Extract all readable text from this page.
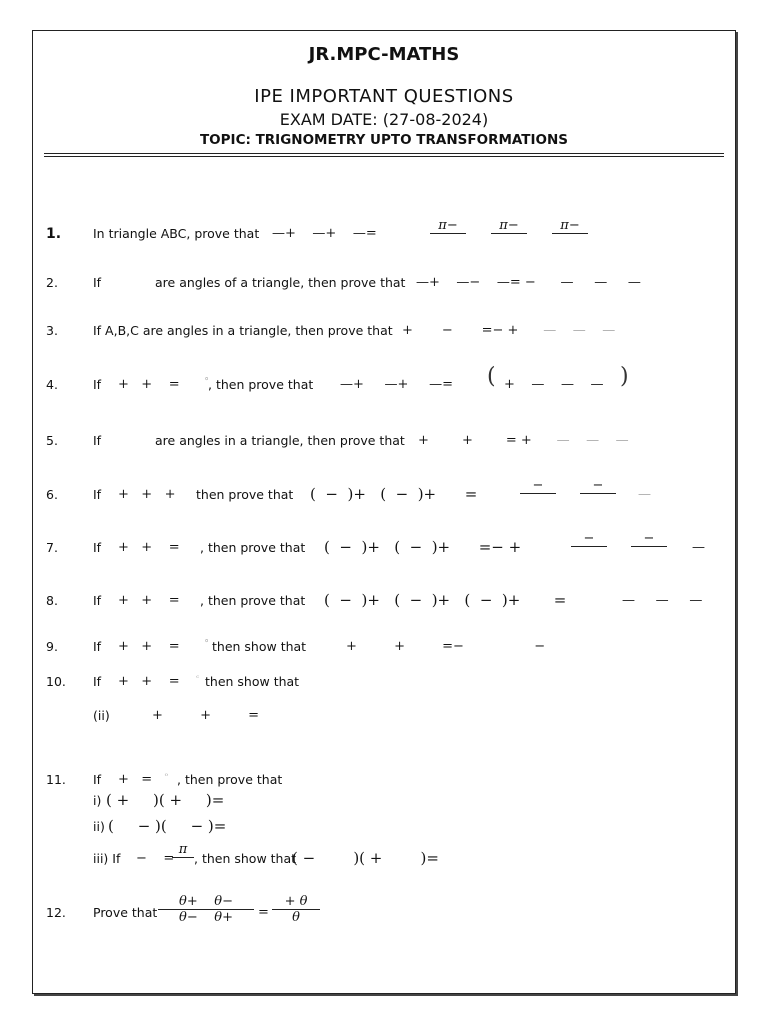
JR.MPC-MATHS
IPE IMPORTANT QUESTIONS
EXAM DATE: (27-08-2024)
TOPIC: TRIGNOMETRY UPTO TRANSFORMATIONS
1.	In triangle ABC, prove that —+    —+    —=
π−	π−	π−
2.	If	are angles of a triangle, then prove that —+    —−    —= −      —     —     —
3.	If A,B,C are angles in a triangle, then prove that +       −       =− +      —    —    —
4.	If	, then prove that
+   +    =      °	—+     —+     —= ( +    —    —    — )
5.	If	are angles in a triangle, then prove that +        +        = +      —    —    —
6.	If	then prove that
+   +   +	(  −  )+   (  −  )+      =	−	−
—
7.	If	, then prove that
+   +    =	(  −  )+   (  −  )+      =− +	−	−
—
8.	If	, then prove that
+   +    =	(  −  )+   (  −  )+   (  −  )+       =	—     —     —
9.	If	then show that
+   +    =      °	+         +         =−                 −
10. If	then show that
+   +    =    $^ᶜ$
(ii)	+         +         =
11. If	, then prove that
+   =   $^ᵒ$
i) ( +     )( +     )=
ii) (     − )(     − )=
iii) If	, then show that
−    =
π	( −        )( +        )=
12. Prove that $\frac{\theta+ \theta-}{\theta- \theta+} = \frac{+ \theta}{\theta}$
